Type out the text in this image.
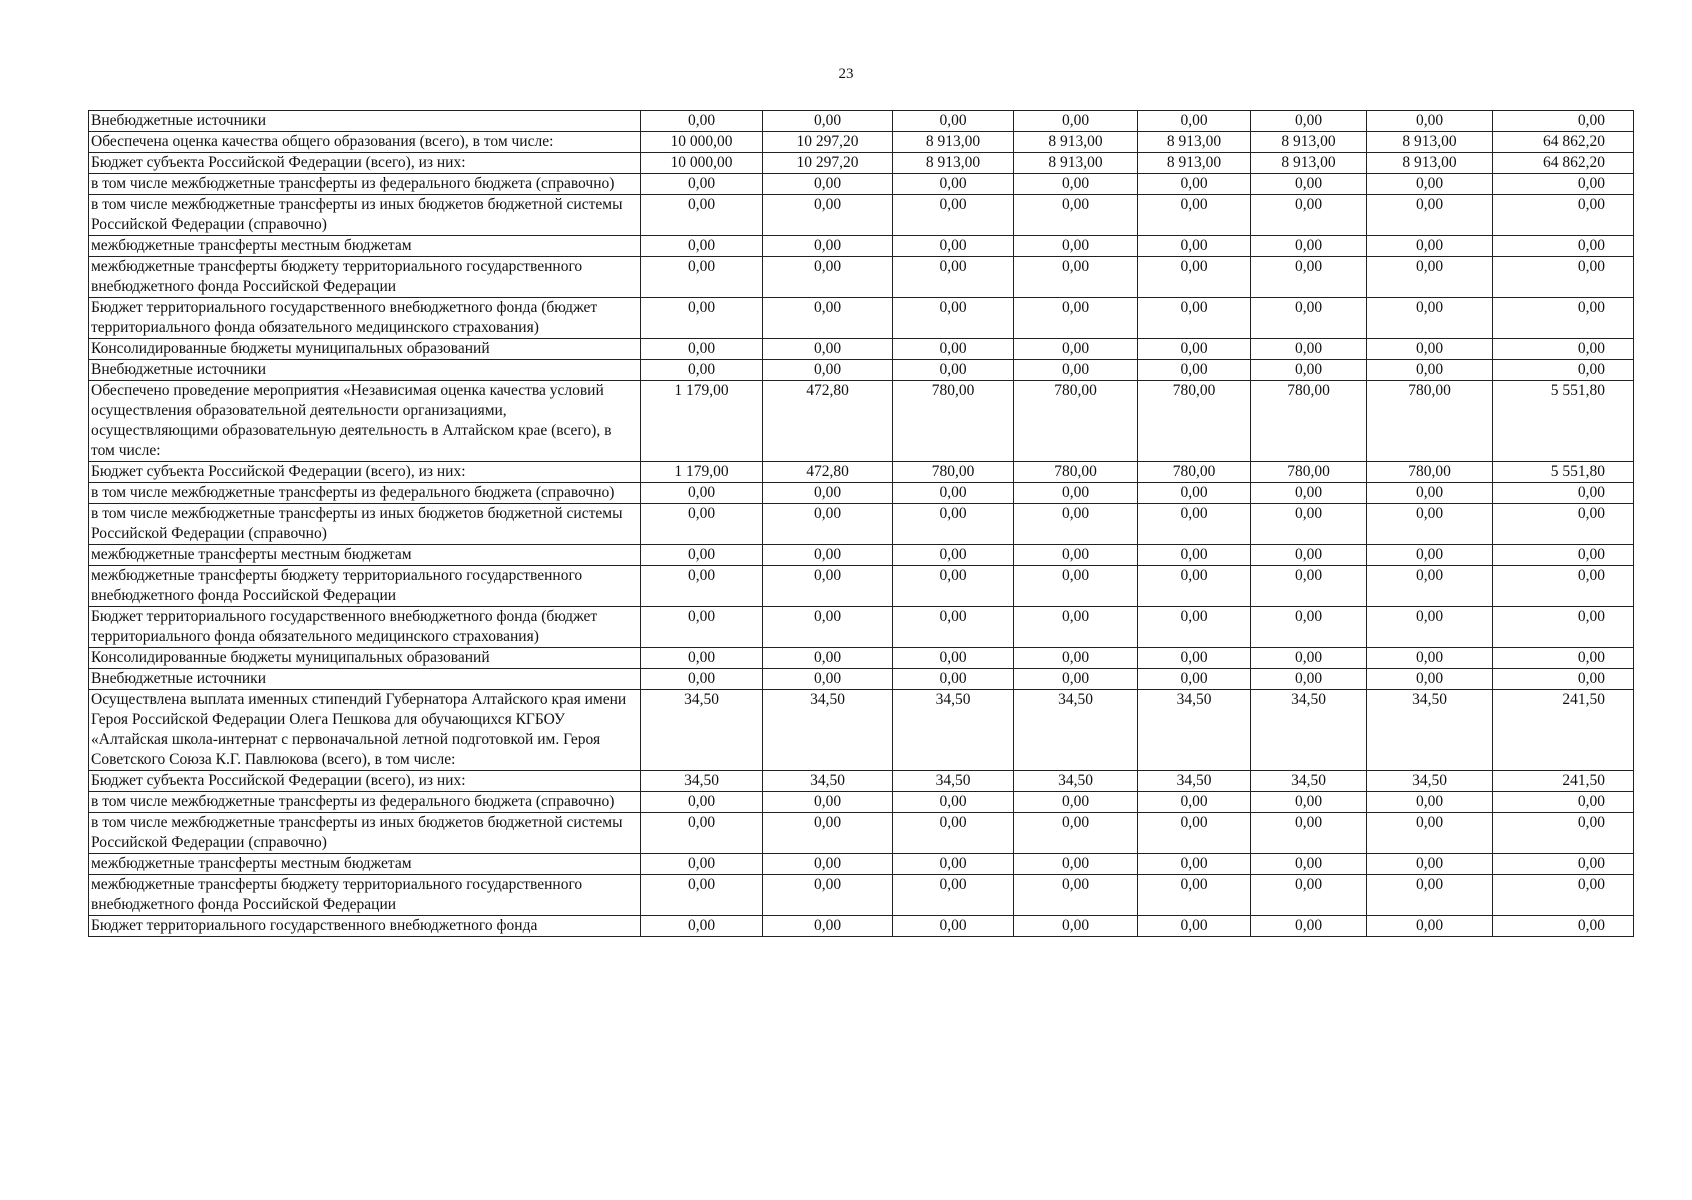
23
Внебюджетные источники	0,00	0,00	0,00	0,00	0,00	0,00	0,00	0,00
Обеспечена оценка качества общего образования (всего), в том числе:	10 000,00	10 297,20	8 913,00	8 913,00	8 913,00	8 913,00	8 913,00	64 862,20
Бюджет субъекта Российской Федерации (всего), из них:	10 000,00	10 297,20	8 913,00	8 913,00	8 913,00	8 913,00	8 913,00	64 862,20
в том числе межбюджетные трансферты из федерального бюджета (справочно)	0,00	0,00	0,00	0,00	0,00	0,00	0,00	0,00
в том числе межбюджетные трансферты из иных бюджетов бюджетной системы Российской Федерации (справочно)	0,00	0,00	0,00	0,00	0,00	0,00	0,00	0,00
межбюджетные трансферты местным бюджетам	0,00	0,00	0,00	0,00	0,00	0,00	0,00	0,00
межбюджетные трансферты бюджету территориального государственного внебюджетного фонда Российской Федерации	0,00	0,00	0,00	0,00	0,00	0,00	0,00	0,00
Бюджет территориального государственного внебюджетного фонда (бюджет территориального фонда обязательного медицинского страхования)	0,00	0,00	0,00	0,00	0,00	0,00	0,00	0,00
Консолидированные бюджеты муниципальных образований	0,00	0,00	0,00	0,00	0,00	0,00	0,00	0,00
Внебюджетные источники	0,00	0,00	0,00	0,00	0,00	0,00	0,00	0,00
Обеспечено проведение мероприятия «Независимая оценка качества условий осуществления образовательной деятельности организациями, осуществляющими образовательную деятельность в Алтайском крае (всего), в том числе:	1 179,00	472,80	780,00	780,00	780,00	780,00	780,00	5 551,80
Бюджет субъекта Российской Федерации (всего), из них:	1 179,00	472,80	780,00	780,00	780,00	780,00	780,00	5 551,80
в том числе межбюджетные трансферты из федерального бюджета (справочно)	0,00	0,00	0,00	0,00	0,00	0,00	0,00	0,00
в том числе межбюджетные трансферты из иных бюджетов бюджетной системы Российской Федерации (справочно)	0,00	0,00	0,00	0,00	0,00	0,00	0,00	0,00
межбюджетные трансферты местным бюджетам	0,00	0,00	0,00	0,00	0,00	0,00	0,00	0,00
межбюджетные трансферты бюджету территориального государственного внебюджетного фонда Российской Федерации	0,00	0,00	0,00	0,00	0,00	0,00	0,00	0,00
Бюджет территориального государственного внебюджетного фонда (бюджет территориального фонда обязательного медицинского страхования)	0,00	0,00	0,00	0,00	0,00	0,00	0,00	0,00
Консолидированные бюджеты муниципальных образований	0,00	0,00	0,00	0,00	0,00	0,00	0,00	0,00
Внебюджетные источники	0,00	0,00	0,00	0,00	0,00	0,00	0,00	0,00
Осуществлена выплата именных стипендий Губернатора Алтайского края имени Героя Российской Федерации Олега Пешкова для обучающихся КГБОУ «Алтайская школа-интернат с первоначальной летной подготовкой им. Героя Советского Союза К.Г. Павлюкова (всего), в том числе:	34,50	34,50	34,50	34,50	34,50	34,50	34,50	241,50
Бюджет субъекта Российской Федерации (всего), из них:	34,50	34,50	34,50	34,50	34,50	34,50	34,50	241,50
в том числе межбюджетные трансферты из федерального бюджета (справочно)	0,00	0,00	0,00	0,00	0,00	0,00	0,00	0,00
в том числе межбюджетные трансферты из иных бюджетов бюджетной системы Российской Федерации (справочно)	0,00	0,00	0,00	0,00	0,00	0,00	0,00	0,00
межбюджетные трансферты местным бюджетам	0,00	0,00	0,00	0,00	0,00	0,00	0,00	0,00
межбюджетные трансферты бюджету территориального государственного внебюджетного фонда Российской Федерации	0,00	0,00	0,00	0,00	0,00	0,00	0,00	0,00
Бюджет территориального государственного внебюджетного фонда	0,00	0,00	0,00	0,00	0,00	0,00	0,00	0,00
